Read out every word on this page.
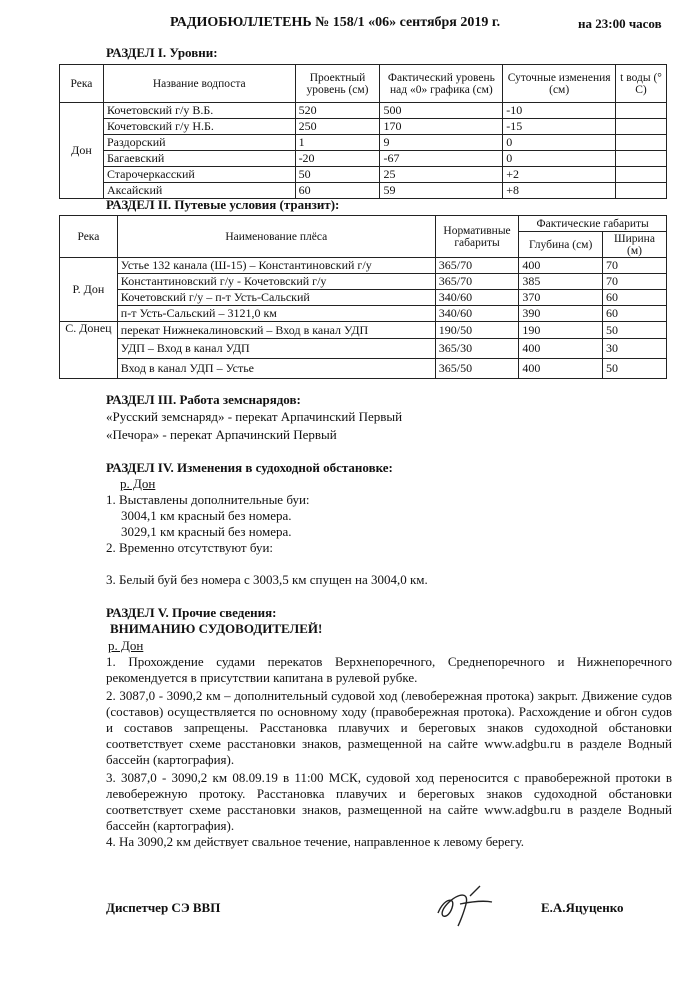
РАДИОБЮЛЛЕТЕНЬ № 158/1 «06» сентября 2019 г.	на 23:00 часов
РАЗДЕЛ I. Уровни:
Река	Название водпоста	Проектный уровень (см)	Фактический уровень над «0» графика (см)	Суточные изменения (см)	t воды (° С)
Дон	Кочетовский г/у В.Б.	520	500	-10	
	Кочетовский г/у Н.Б.	250	170	-15	
	Раздорский	1	9	0	
	Багаевский	-20	-67	0	
	Старочеркасский	50	25	+2	
	Аксайский	60	59	+8	
РАЗДЕЛ II. Путевые условия (транзит):
Река	Наименование плёса	Нормативные габариты	Фактические габариты	
			Глубина (см)	Ширина (м)
Р. Дон	Устье 132 канала (Ш-15) – Константиновский г/у	365/70	400	70
	Константиновский г/у - Кочетовский г/у	365/70	385	70
	Кочетовский г/у – п-т Усть-Сальский	340/60	370	60
	п-т Усть-Сальский – 3121,0 км	340/60	390	60
С. Донец	перекат Нижнекалиновский – Вход в канал УДП	190/50	190	50
	УДП – Вход в канал УДП	365/30	400	30
	Вход в канал УДП – Устье	365/50	400	50
РАЗДЕЛ III. Работа земснарядов:
«Русский земснаряд» - перекат Арпачинский Первый
«Печора» - перекат Арпачинский Первый
РАЗДЕЛ IV. Изменения в судоходной обстановке:
р. Дон
1. Выставлены дополнительные буи:
3004,1 км красный без номера.
3029,1 км красный без номера.
2. Временно отсутствуют буи:
3. Белый буй без номера с 3003,5 км спущен на 3004,0 км.
РАЗДЕЛ V. Прочие сведения:
ВНИМАНИЮ СУДОВОДИТЕЛЕЙ!
р. Дон
1. Прохождение судами перекатов Верхнепоречного, Среднепоречного и Нижнепоречного рекомендуется в присутствии капитана в рулевой рубке.
2. 3087,0 - 3090,2 км – дополнительный судовой ход (левобережная протока) закрыт. Движение судов (составов) осуществляется по основному ходу (правобережная протока). Расхождение и обгон судов и составов запрещены. Расстановка плавучих и береговых знаков судоходной обстановки соответствует схеме расстановки знаков, размещенной на сайте www.adgbu.ru в разделе Водный бассейн (картография).
3. 3087,0 - 3090,2 км 08.09.19 в 11:00 МСК, судовой ход переносится с правобережной протоки в левобережную протоку. Расстановка плавучих и береговых знаков судоходной обстановки соответствует схеме расстановки знаков, размещенной на сайте www.adgbu.ru в разделе Водный бассейн (картография).
4. На 3090,2 км действует свальное течение, направленное к левому берегу.
Диспетчер СЭ ВВП	Е.А.Яцуценко
